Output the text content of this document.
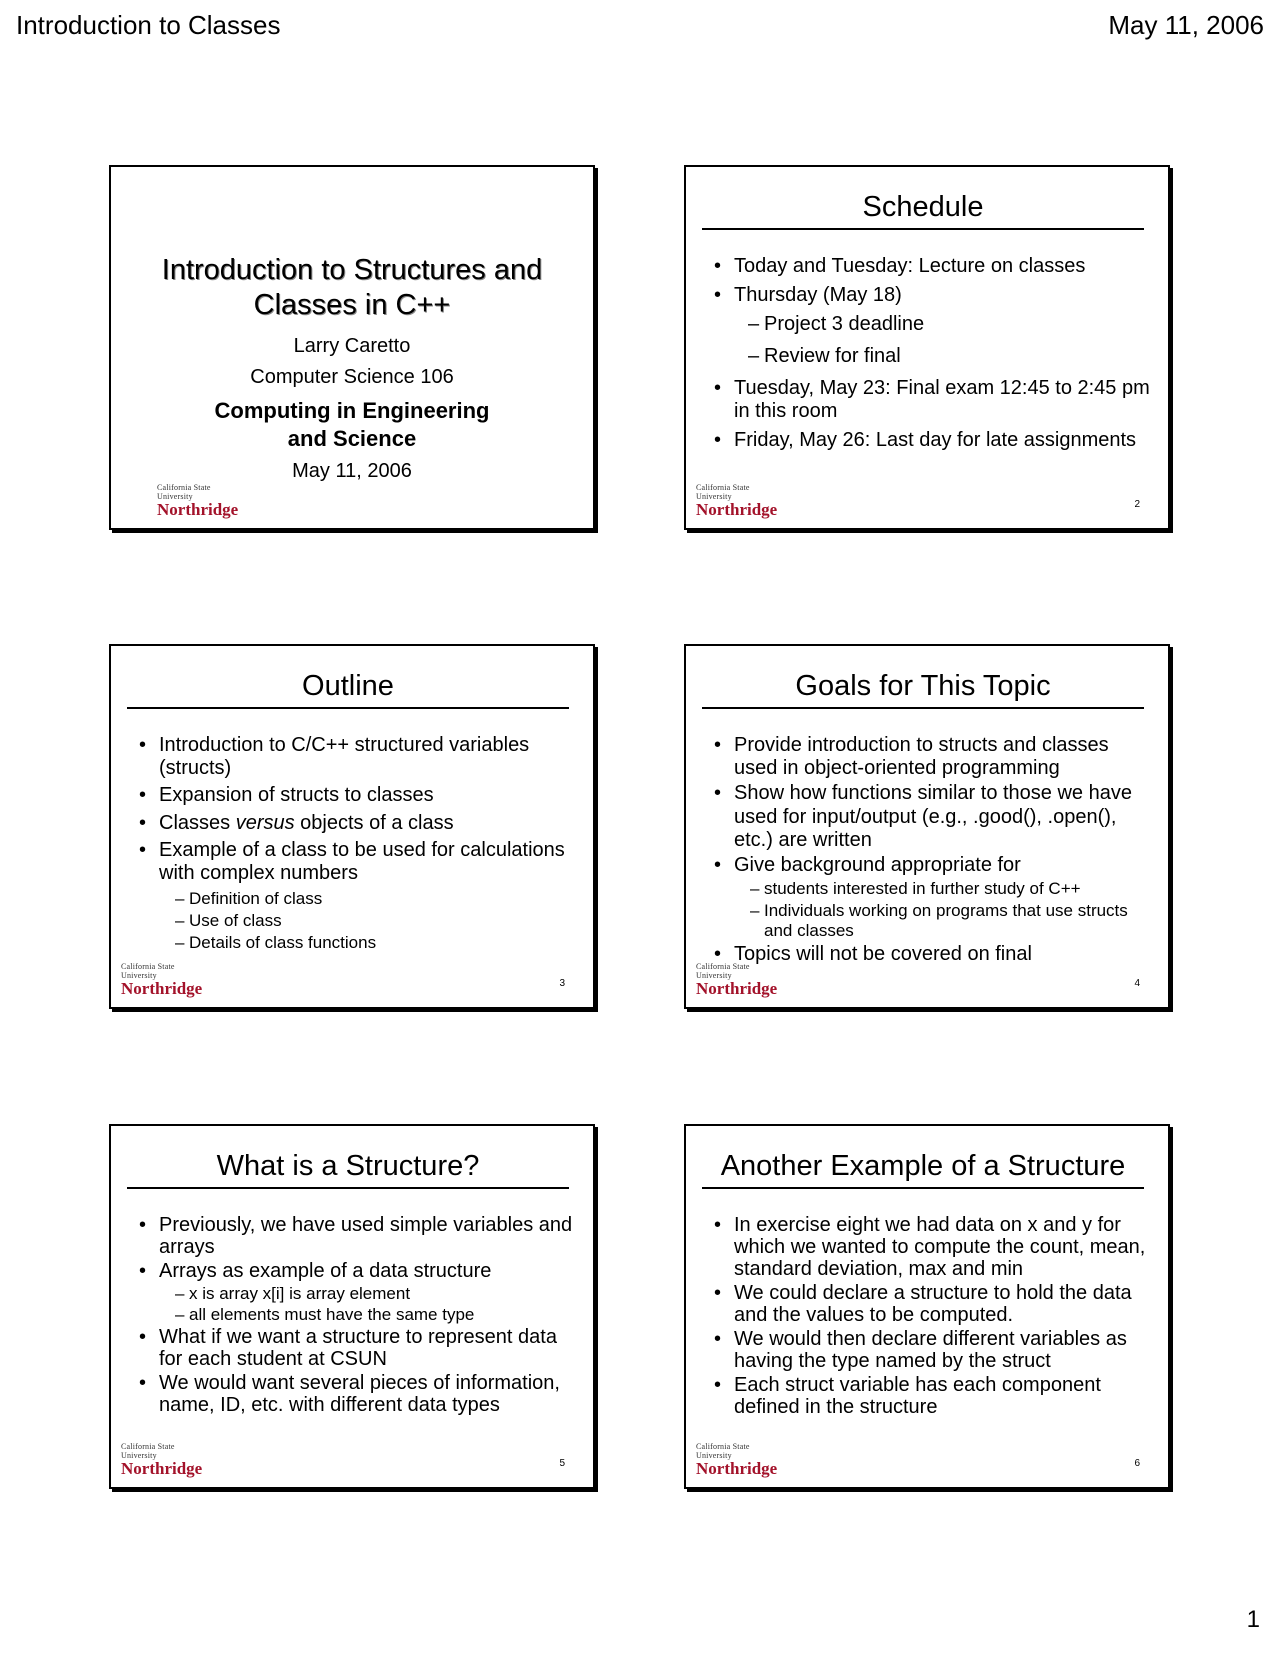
Introduction to Classes	May 11, 2006
Introduction to Structures and
Classes in C++
Larry Caretto
Computer Science 106
Computing in Engineering
and Science
May 11, 2006
California State University
Northridge
Schedule
• Today and Tuesday: Lecture on classes
• Thursday (May 18)
– Project 3 deadline
– Review for final
• Tuesday, May 23: Final exam 12:45 to 2:45 pm in this room
• Friday, May 26: Last day for late assignments
California State University
Northridge	2
Outline
• Introduction to C/C++ structured variables (structs)
• Expansion of structs to classes
• Classes versus objects of a class
• Example of a class to be used for calculations with complex numbers
– Definition of class
– Use of class
– Details of class functions
California State University
Northridge	3
Goals for This Topic
• Provide introduction to structs and classes used in object-oriented programming
• Show how functions similar to those we have used for input/output (e.g., .good(), .open(), etc.) are written
• Give background appropriate for
– students interested in further study of C++
– Individuals working on programs that use structs and classes
• Topics will not be covered on final
California State University
Northridge	4
What is a Structure?
• Previously, we have used simple variables and arrays
• Arrays as example of a data structure
– x is array x[i] is array element
– all elements must have the same type
• What if we want a structure to represent data for each student at CSUN
• We would want several pieces of information, name, ID, etc. with different data types
California State University
Northridge	5
Another Example of a Structure
• In exercise eight we had data on x and y for which we wanted to compute the count, mean, standard deviation, max and min
• We could declare a structure to hold the data and the values to be computed.
• We would then declare different variables as having the type named by the struct
• Each struct variable has each component defined in the structure
California State University
Northridge	6
1
